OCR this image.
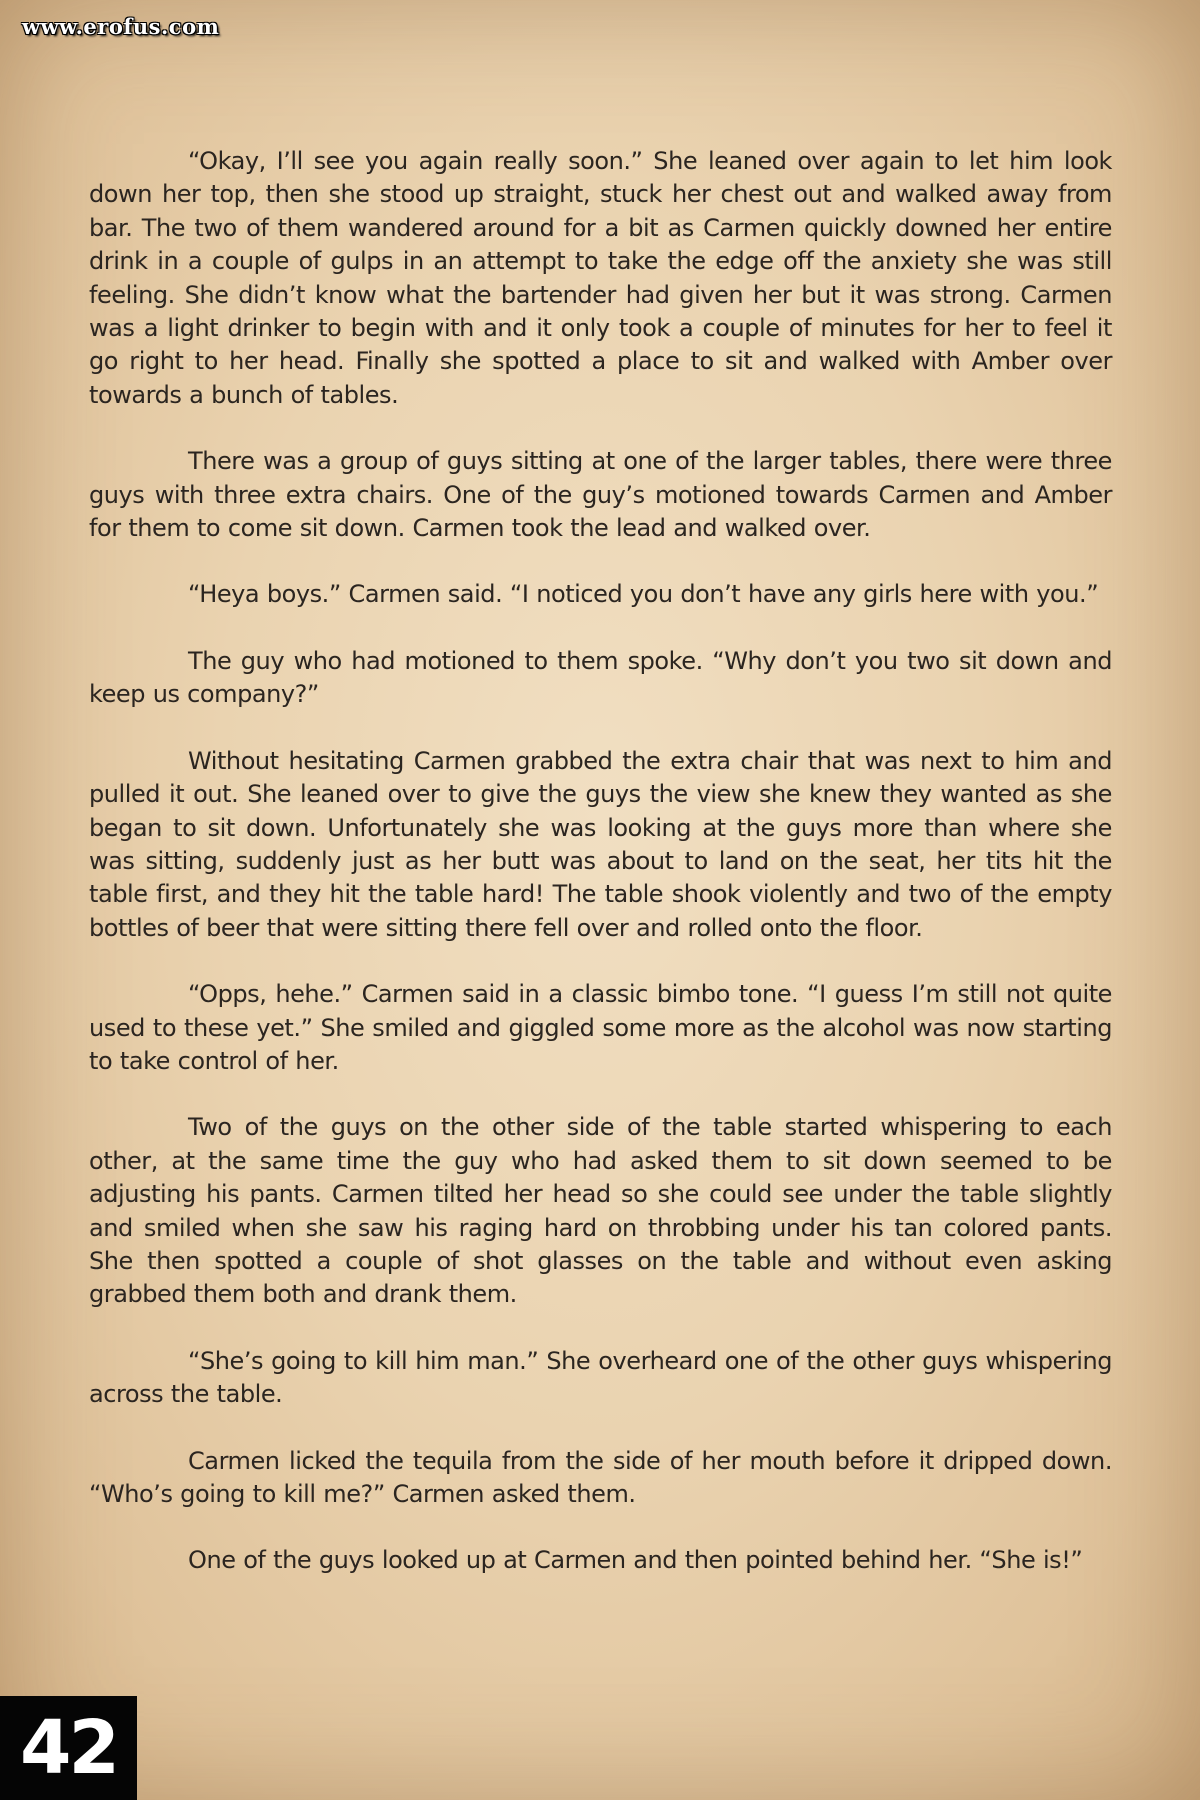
www.erofus.com

“Okay, I’ll see you again really soon.” She leaned over again to let him look down her top, then she stood up straight, stuck her chest out and walked away from bar. The two of them wandered around for a bit as Carmen quickly downed her entire drink in a couple of gulps in an attempt to take the edge off the anxiety she was still feeling. She didn’t know what the bartender had given her but it was strong. Carmen was a light drinker to begin with and it only took a couple of minutes for her to feel it go right to her head. Finally she spotted a place to sit and walked with Amber over towards a bunch of tables.

There was a group of guys sitting at one of the larger tables, there were three guys with three extra chairs. One of the guy’s motioned towards Carmen and Amber for them to come sit down. Carmen took the lead and walked over.

“Heya boys.” Carmen said. “I noticed you don’t have any girls here with you.”

The guy who had motioned to them spoke. “Why don’t you two sit down and keep us company?”

Without hesitating Carmen grabbed the extra chair that was next to him and pulled it out. She leaned over to give the guys the view she knew they wanted as she began to sit down. Unfortunately she was looking at the guys more than where she was sitting, suddenly just as her butt was about to land on the seat, her tits hit the table first, and they hit the table hard! The table shook violently and two of the empty bottles of beer that were sitting there fell over and rolled onto the floor.

“Opps, hehe.” Carmen said in a classic bimbo tone. “I guess I’m still not quite used to these yet.” She smiled and giggled some more as the alcohol was now starting to take control of her.

Two of the guys on the other side of the table started whispering to each other, at the same time the guy who had asked them to sit down seemed to be adjusting his pants. Carmen tilted her head so she could see under the table slightly and smiled when she saw his raging hard on throbbing under his tan colored pants. She then spotted a couple of shot glasses on the table and without even asking grabbed them both and drank them.

“She’s going to kill him man.” She overheard one of the other guys whispering across the table.

Carmen licked the tequila from the side of her mouth before it dripped down. “Who’s going to kill me?” Carmen asked them.

One of the guys looked up at Carmen and then pointed behind her. “She is!”

42
